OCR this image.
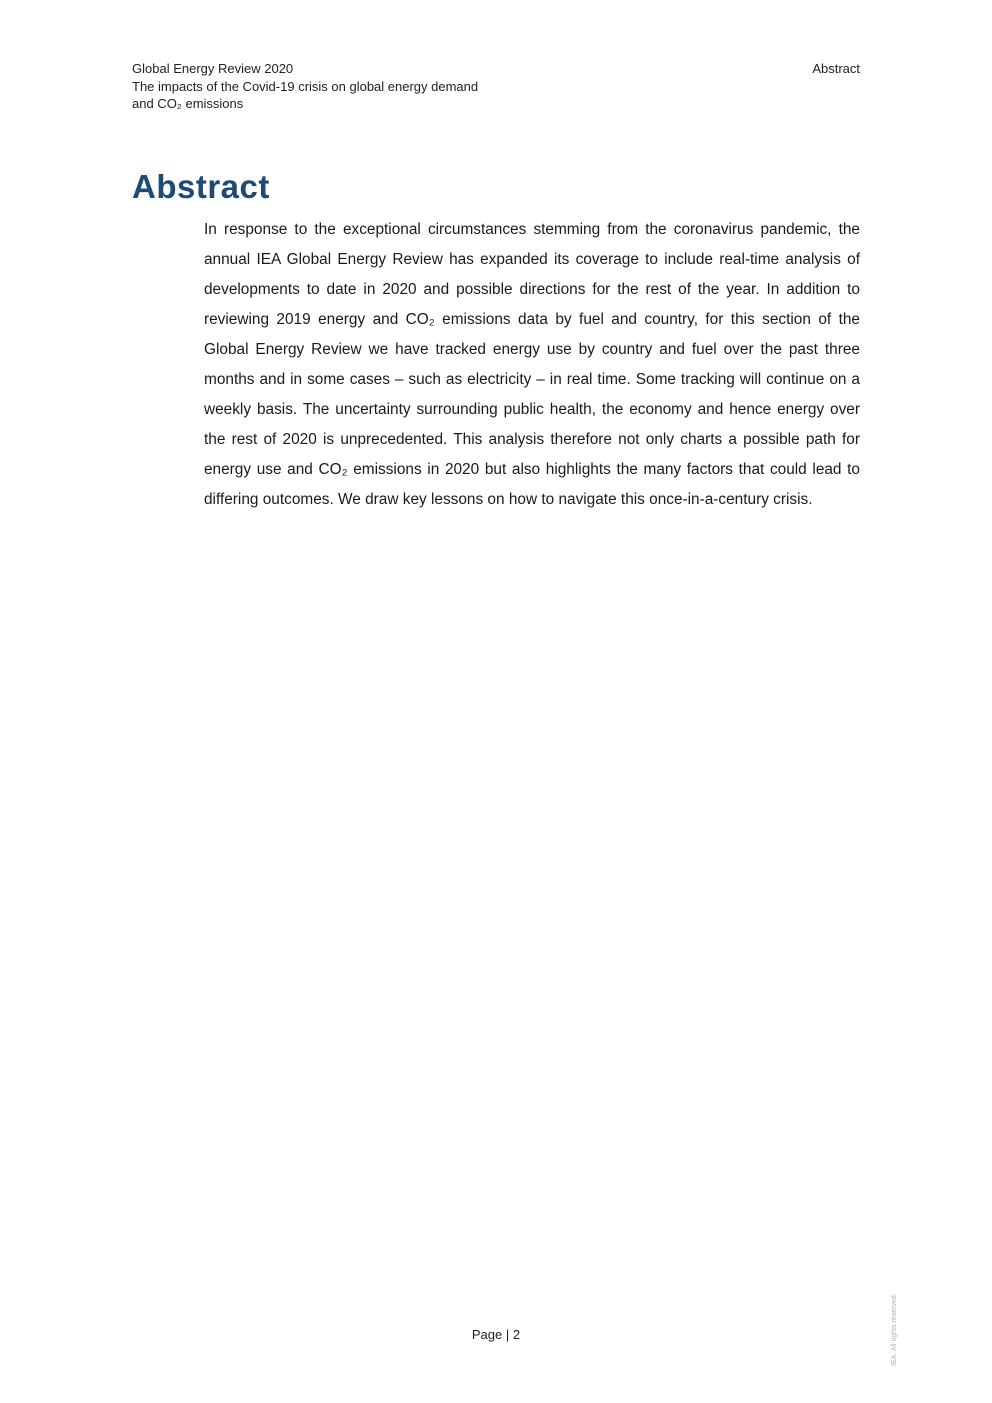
Global Energy Review 2020
The impacts of the Covid-19 crisis on global energy demand
and CO₂ emissions
Abstract
Abstract

In response to the exceptional circumstances stemming from the coronavirus pandemic, the annual IEA Global Energy Review has expanded its coverage to include real-time analysis of developments to date in 2020 and possible directions for the rest of the year. In addition to reviewing 2019 energy and CO₂ emissions data by fuel and country, for this section of the Global Energy Review we have tracked energy use by country and fuel over the past three months and in some cases – such as electricity – in real time. Some tracking will continue on a weekly basis. The uncertainty surrounding public health, the economy and hence energy over the rest of 2020 is unprecedented. This analysis therefore not only charts a possible path for energy use and CO₂ emissions in 2020 but also highlights the many factors that could lead to differing outcomes. We draw key lessons on how to navigate this once-in-a-century crisis.

Page | 2	IEA. All rights reserved.
